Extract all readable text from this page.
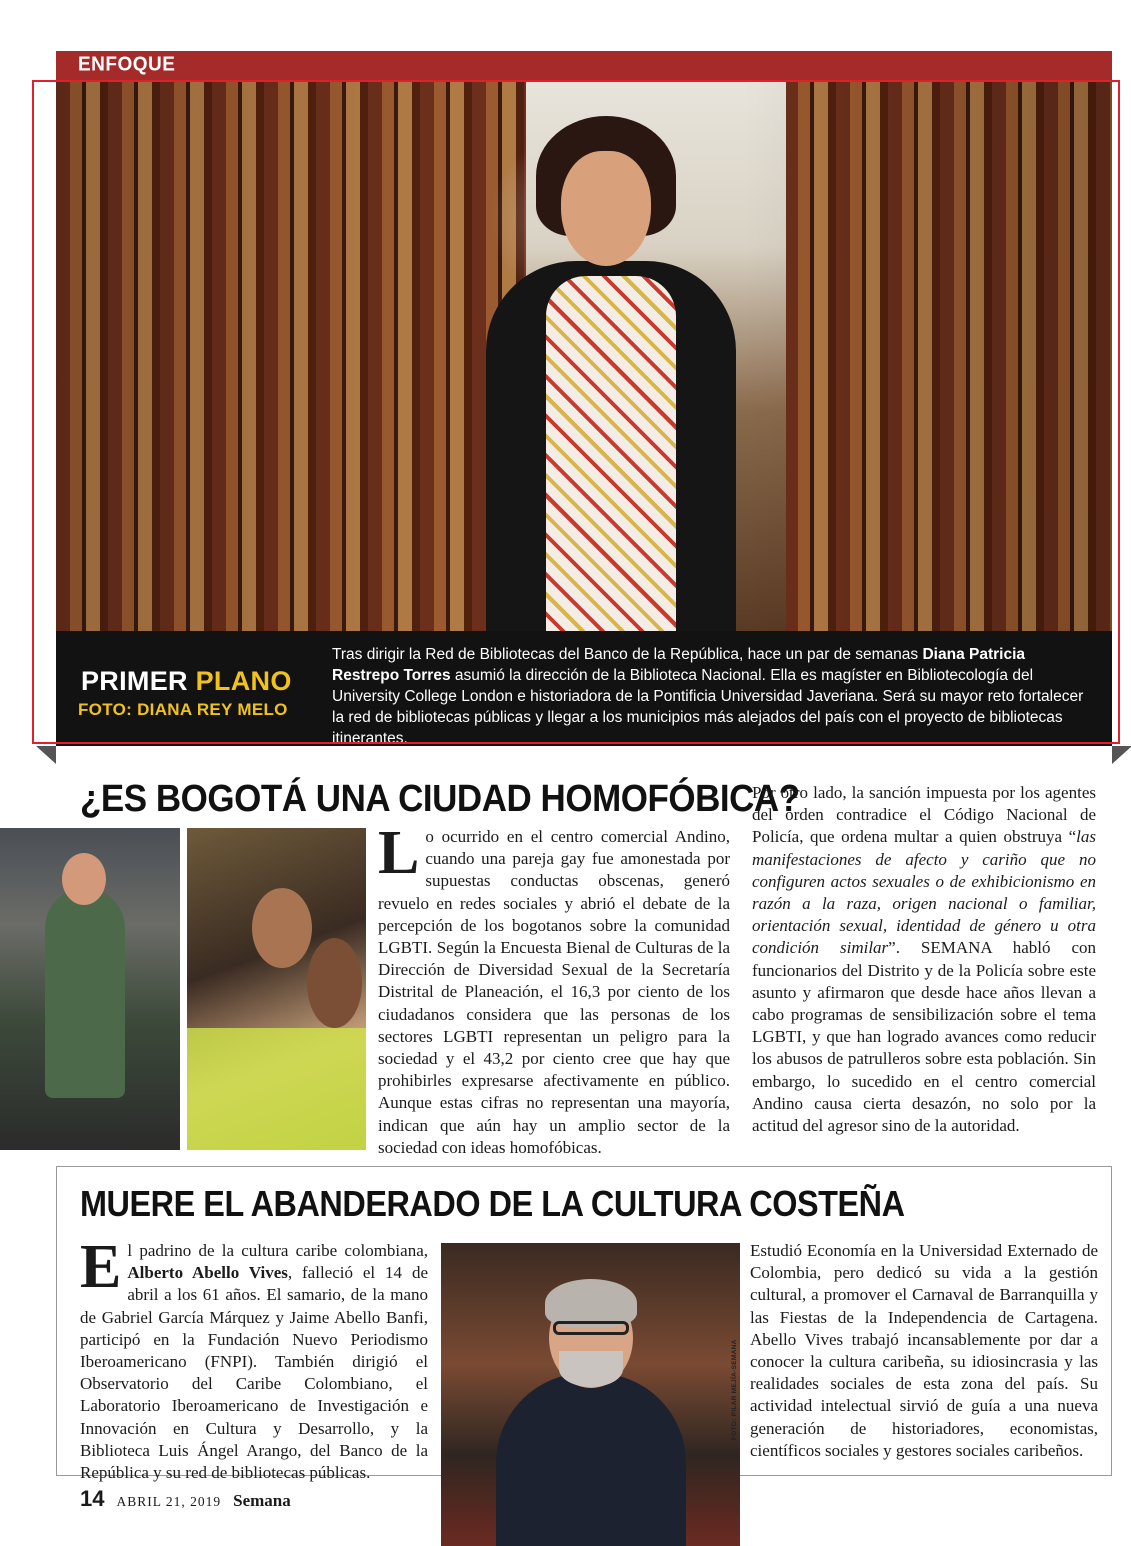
ENFOQUE
PRIMER PLANO
FOTO: DIANA REY MELO
Tras dirigir la Red de Bibliotecas del Banco de la República, hace un par de semanas Diana Patricia Restrepo Torres asumió la dirección de la Biblioteca Nacional. Ella es magíster en Bibliotecología del University College London e historiadora de la Pontificia Universidad Javeriana. Será su mayor reto fortalecer la red de bibliotecas públicas y llegar a los municipios más alejados del país con el proyecto de bibliotecas itinerantes.
¿ES BOGOTÁ UNA CIUDAD HOMOFÓBICA?
Lo ocurrido en el centro comercial Andino, cuando una pareja gay fue amonestada por supuestas conductas obscenas, generó revuelo en redes sociales y abrió el debate de la percepción de los bogotanos sobre la comunidad LGBTI. Según la Encuesta Bienal de Culturas de la Dirección de Diversidad Sexual de la Secretaría Distrital de Planeación, el 16,3 por ciento de los ciudadanos considera que las personas de los sectores LGBTI representan un peligro para la sociedad y el 43,2 por ciento cree que hay que prohibirles expresarse afectivamente en público. Aunque estas cifras no representan una mayoría, indican que aún hay un amplio sector de la sociedad con ideas homofóbicas.
Por otro lado, la sanción impuesta por los agentes del orden contradice el Código Nacional de Policía, que ordena multar a quien obstruya “las manifestaciones de afecto y cariño que no configuren actos sexuales o de exhibicionismo en razón a la raza, origen nacional o familiar, orientación sexual, identidad de género u otra condición similar”. SEMANA habló con funcionarios del Distrito y de la Policía sobre este asunto y afirmaron que desde hace años llevan a cabo programas de sensibilización sobre el tema LGBTI, y que han logrado avances como reducir los abusos de patrulleros sobre esta población. Sin embargo, lo sucedido en el centro comercial Andino causa cierta desazón, no solo por la actitud del agresor sino de la autoridad.
MUERE EL ABANDERADO DE LA CULTURA COSTEÑA
El padrino de la cultura caribe colombiana, Alberto Abello Vives, falleció el 14 de abril a los 61 años. El samario, de la mano de Gabriel García Márquez y Jaime Abello Banfi, participó en la Fundación Nuevo Periodismo Iberoamericano (FNPI). También dirigió el Observatorio del Caribe Colombiano, el Laboratorio Iberoamericano de Investigación e Innovación en Cultura y Desarrollo, y la Biblioteca Luis Ángel Arango, del Banco de la República y su red de bibliotecas públicas.
FOTO: PILAR MEJÍA-SEMANA
Estudió Economía en la Universidad Externado de Colombia, pero dedicó su vida a la gestión cultural, a promover el Carnaval de Barranquilla y las Fiestas de la Independencia de Cartagena. Abello Vives trabajó incansablemente por dar a conocer la cultura caribeña, su idiosincrasia y las realidades sociales de esta zona del país. Su actividad intelectual sirvió de guía a una nueva generación de historiadores, economistas, científicos sociales y gestores sociales caribeños.
14 ABRIL 21, 2019 Semana
